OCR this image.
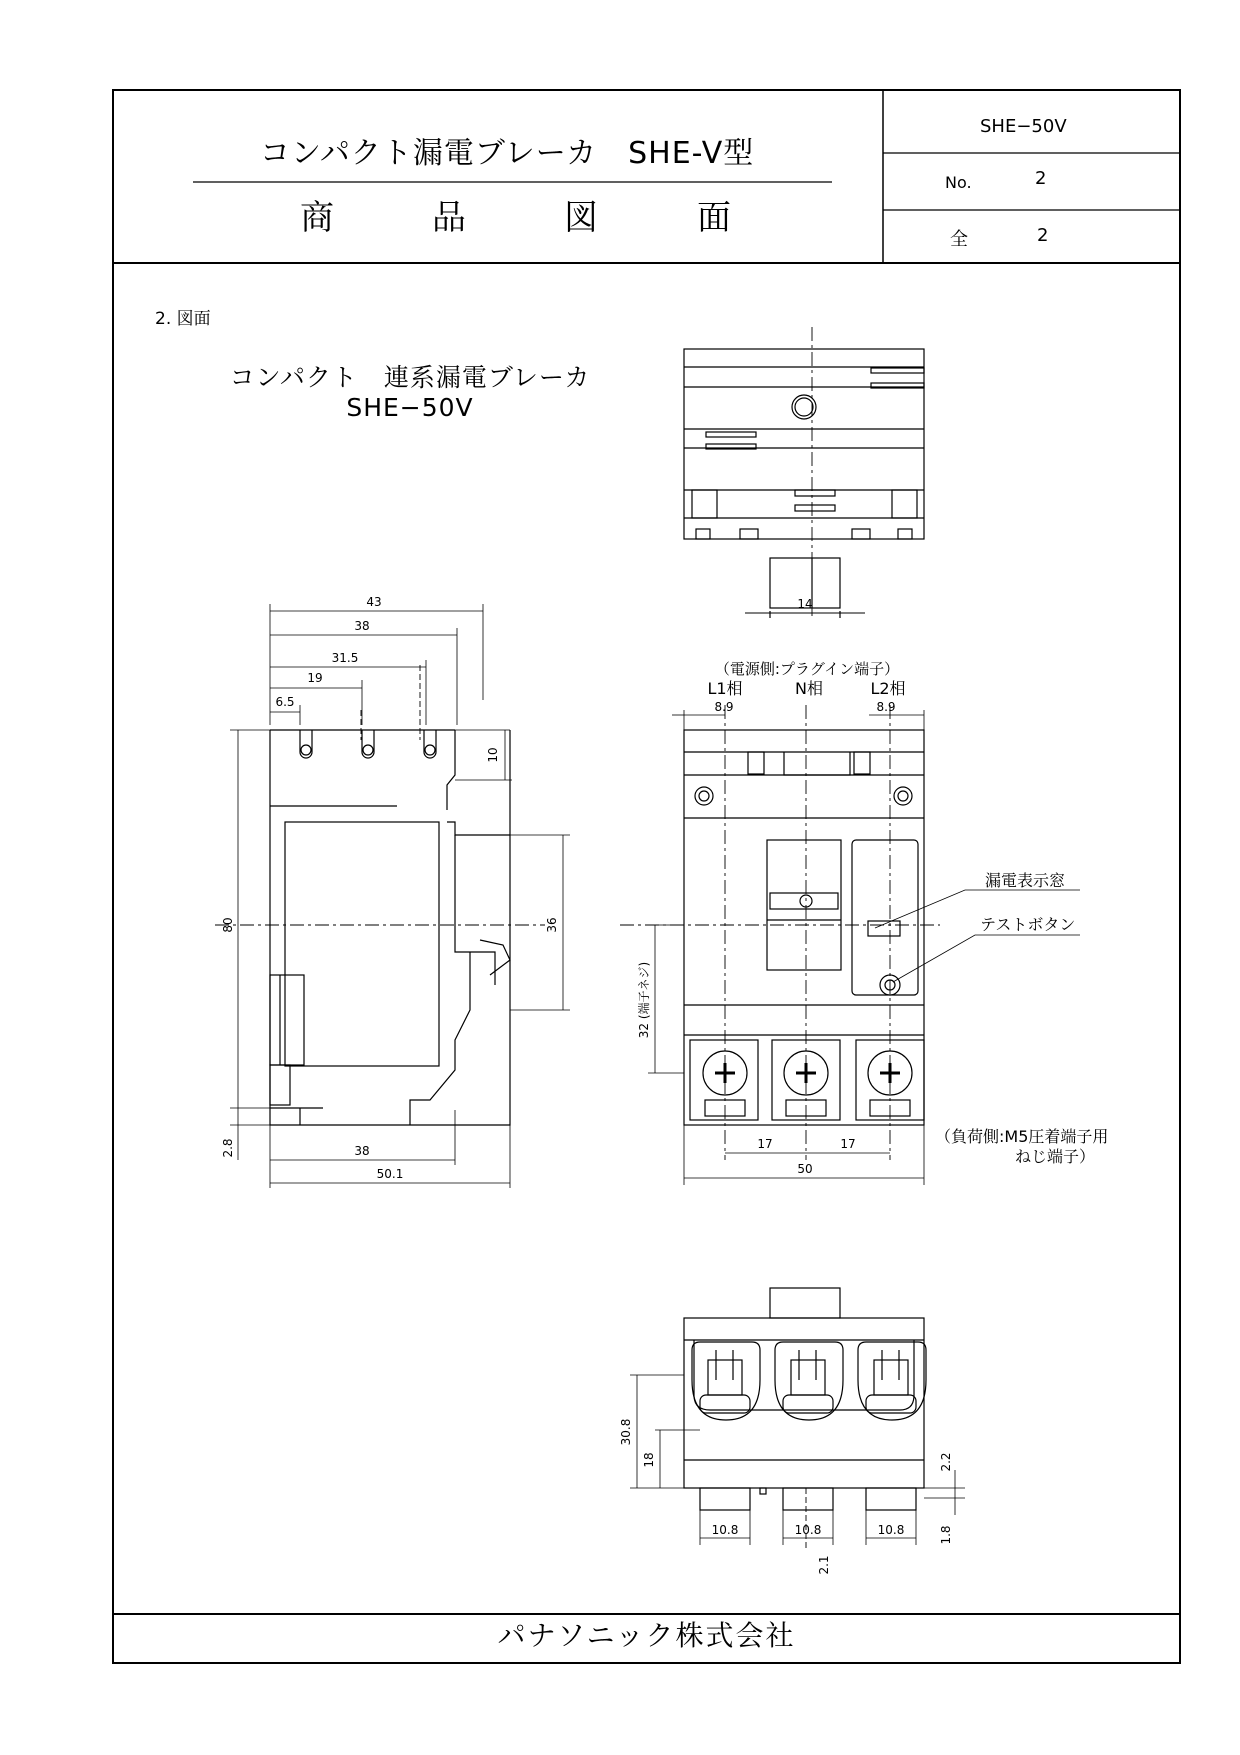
コンパクト漏電ブレーカ　SHE-V型
商	品	図	面
SHE−50V
No.	2
全	2
2. 図面
コンパクト　連系漏電ブレーカ
SHE−50V
パナソニック株式会社
14
43
38
31.5
19
6.5
38
50.1
10
36
80
2.8
（電源側:プラグイン端子）
L1相	N相	L2相
8.9	8.9
17	17
50
32 (端子ネジ)
漏電表示窓
テストボタン
（負荷側:M5圧着端子用
ねじ端子）
30.8
18	2.2
1.8
10.8	10.8	10.8
2.1
